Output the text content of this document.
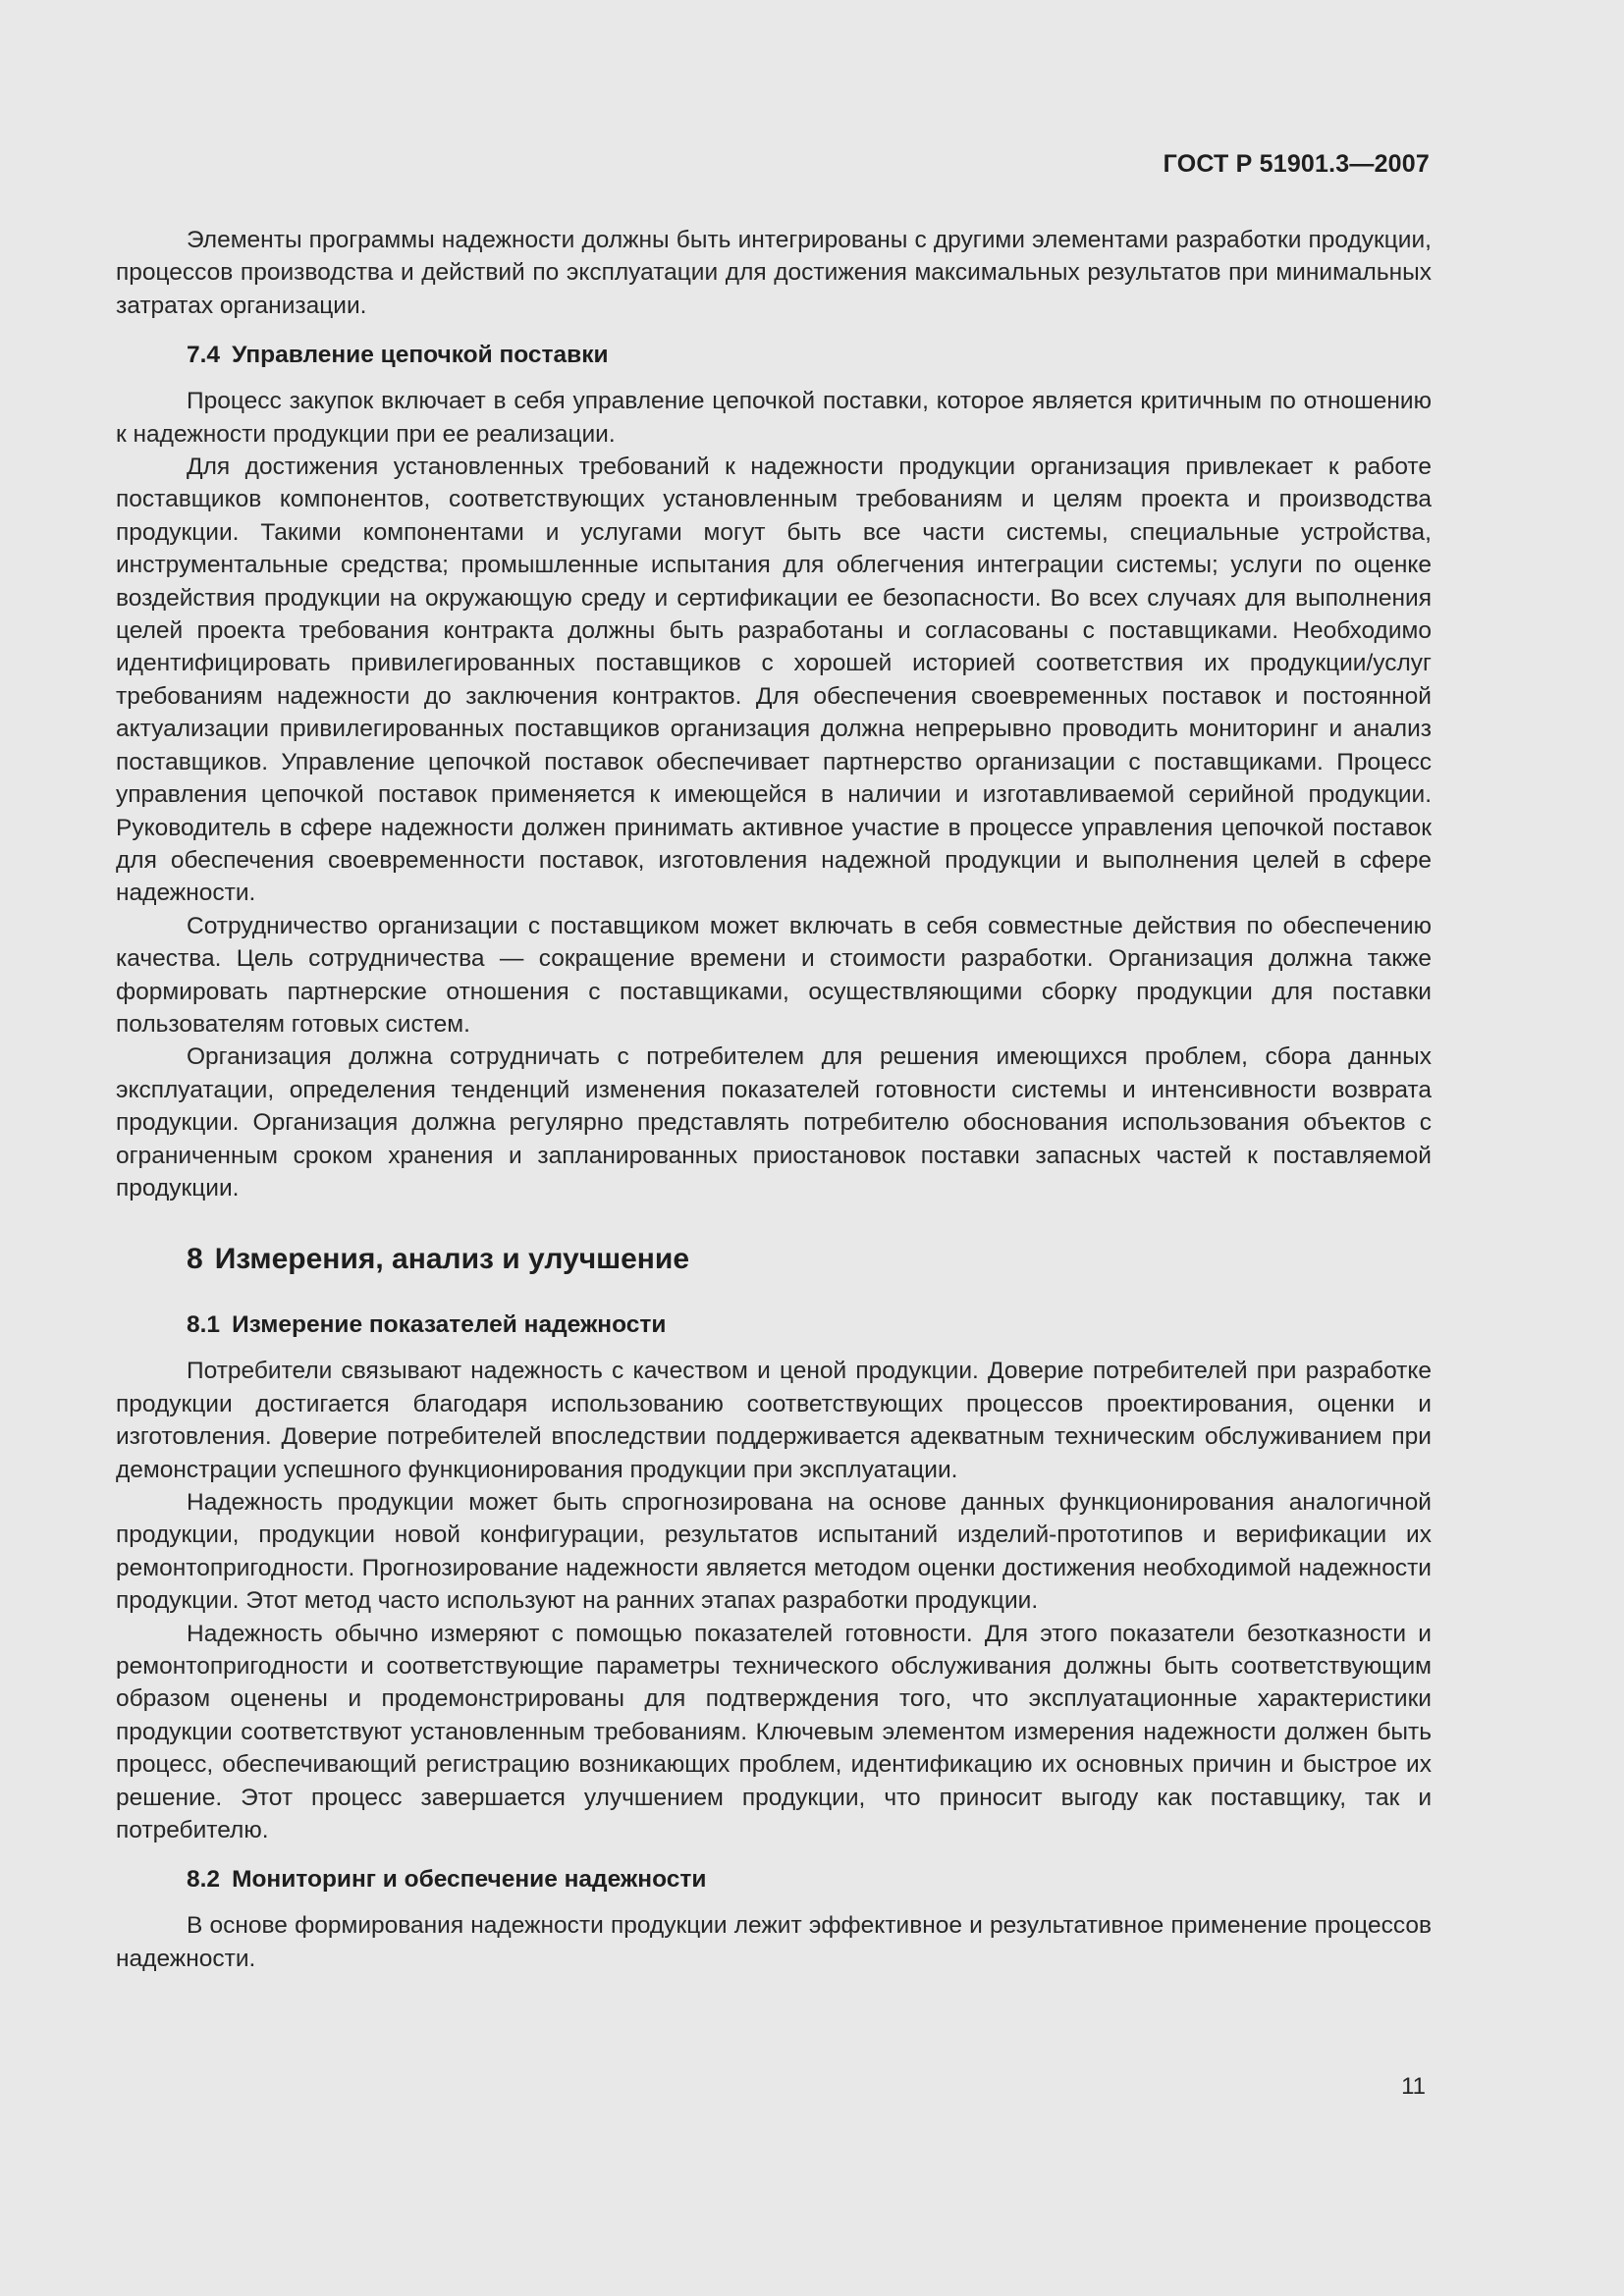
ГОСТ Р 51901.3—2007

Элементы программы надежности должны быть интегрированы с другими элементами разработки продукции, процессов производства и действий по эксплуатации для достижения максимальных результатов при минимальных затратах организации.

7.4 Управление цепочкой поставки

Процесс закупок включает в себя управление цепочкой поставки, которое является критичным по отношению к надежности продукции при ее реализации.

Для достижения установленных требований к надежности продукции организация привлекает к работе поставщиков компонентов, соответствующих установленным требованиям и целям проекта и производства продукции. Такими компонентами и услугами могут быть все части системы, специальные устройства, инструментальные средства; промышленные испытания для облегчения интеграции системы; услуги по оценке воздействия продукции на окружающую среду и сертификации ее безопасности. Во всех случаях для выполнения целей проекта требования контракта должны быть разработаны и согласованы с поставщиками. Необходимо идентифицировать привилегированных поставщиков с хорошей историей соответствия их продукции/услуг требованиям надежности до заключения контрактов. Для обеспечения своевременных поставок и постоянной актуализации привилегированных поставщиков организация должна непрерывно проводить мониторинг и анализ поставщиков. Управление цепочкой поставок обеспечивает партнерство организации с поставщиками. Процесс управления цепочкой поставок применяется к имеющейся в наличии и изготавливаемой серийной продукции. Руководитель в сфере надежности должен принимать активное участие в процессе управления цепочкой поставок для обеспечения своевременности поставок, изготовления надежной продукции и выполнения целей в сфере надежности.

Сотрудничество организации с поставщиком может включать в себя совместные действия по обеспечению качества. Цель сотрудничества — сокращение времени и стоимости разработки. Организация должна также формировать партнерские отношения с поставщиками, осуществляющими сборку продукции для поставки пользователям готовых систем.

Организация должна сотрудничать с потребителем для решения имеющихся проблем, сбора данных эксплуатации, определения тенденций изменения показателей готовности системы и интенсивности возврата продукции. Организация должна регулярно представлять потребителю обоснования использования объектов с ограниченным сроком хранения и запланированных приостановок поставки запасных частей к поставляемой продукции.

8 Измерения, анализ и улучшение
8.1 Измерение показателей надежности

Потребители связывают надежность с качеством и ценой продукции. Доверие потребителей при разработке продукции достигается благодаря использованию соответствующих процессов проектирования, оценки и изготовления. Доверие потребителей впоследствии поддерживается адекватным техническим обслуживанием при демонстрации успешного функционирования продукции при эксплуатации.

Надежность продукции может быть спрогнозирована на основе данных функционирования аналогичной продукции, продукции новой конфигурации, результатов испытаний изделий-прототипов и верификации их ремонтопригодности. Прогнозирование надежности является методом оценки достижения необходимой надежности продукции. Этот метод часто используют на ранних этапах разработки продукции.

Надежность обычно измеряют с помощью показателей готовности. Для этого показатели безотказности и ремонтопригодности и соответствующие параметры технического обслуживания должны быть соответствующим образом оценены и продемонстрированы для подтверждения того, что эксплуатационные характеристики продукции соответствуют установленным требованиям. Ключевым элементом измерения надежности должен быть процесс, обеспечивающий регистрацию возникающих проблем, идентификацию их основных причин и быстрое их решение. Этот процесс завершается улучшением продукции, что приносит выгоду как поставщику, так и потребителю.

8.2 Мониторинг и обеспечение надежности

В основе формирования надежности продукции лежит эффективное и результативное применение процессов надежности.

11
